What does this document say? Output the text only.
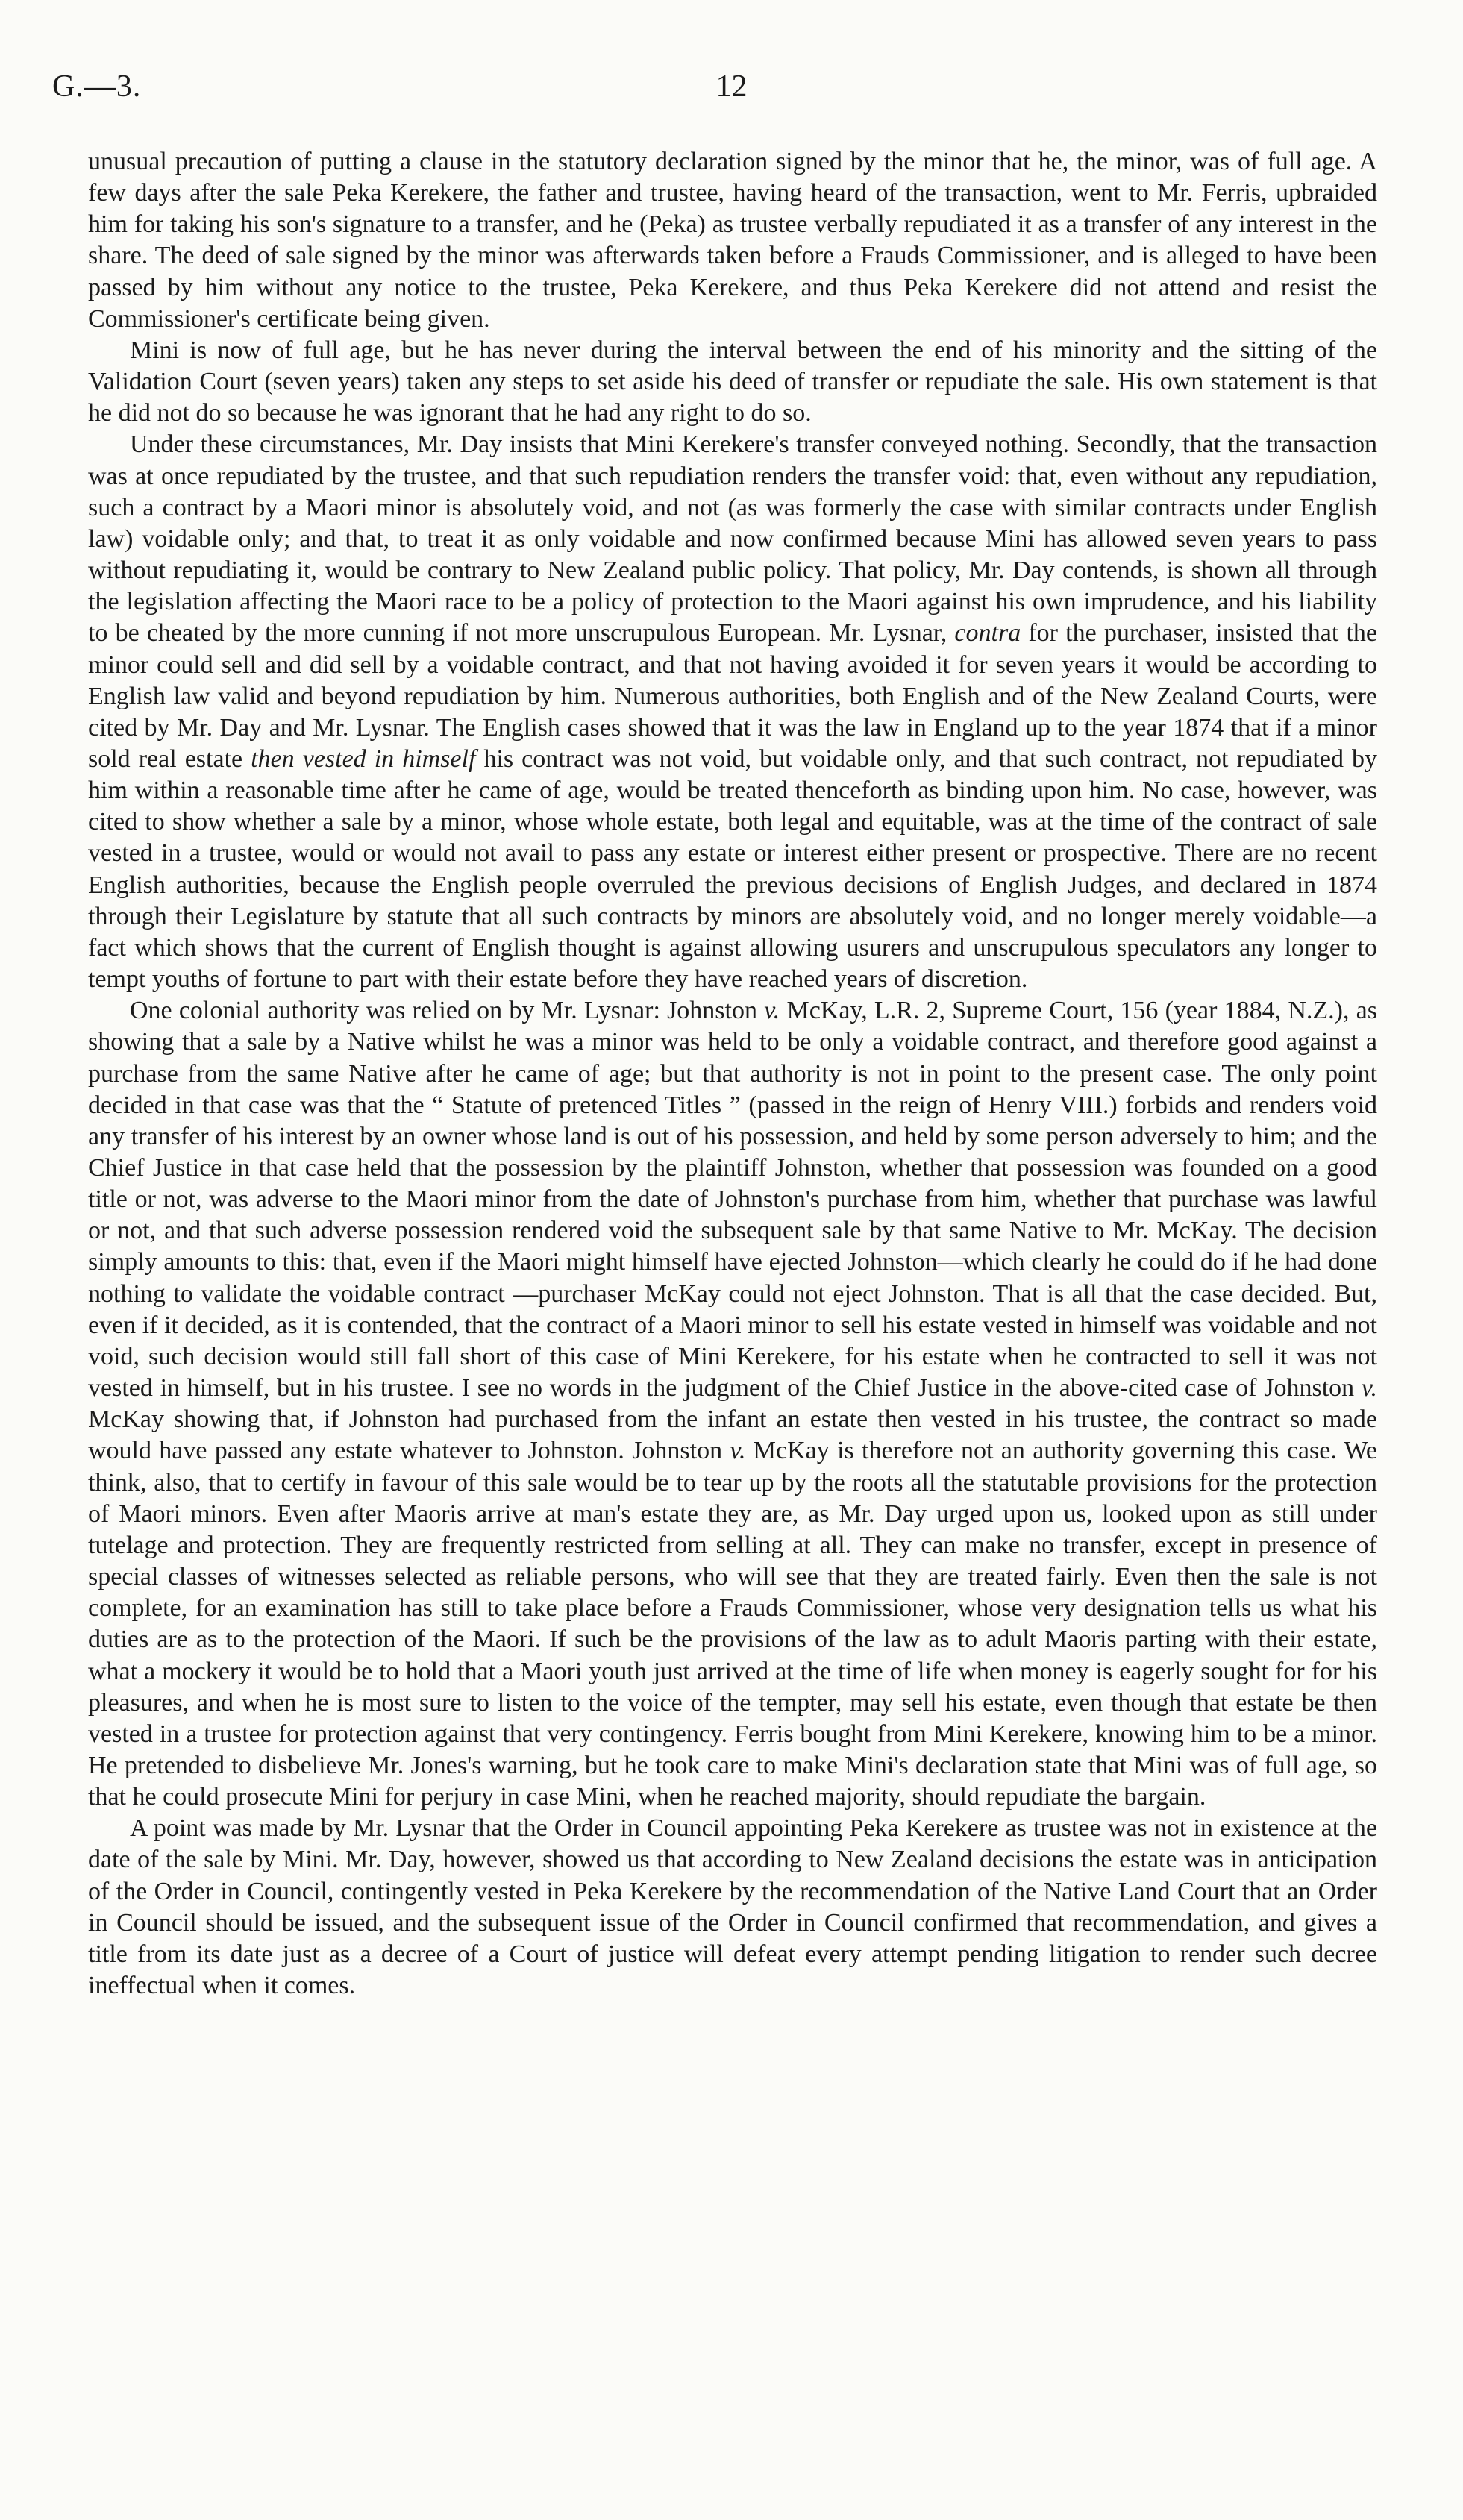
G.—3.	12

unusual precaution of putting a clause in the statutory declaration signed by the minor that he, the minor, was of full age. A few days after the sale Peka Kerekere, the father and trustee, having heard of the transaction, went to Mr. Ferris, upbraided him for taking his son's signature to a transfer, and he (Peka) as trustee verbally repudiated it as a transfer of any interest in the share. The deed of sale signed by the minor was afterwards taken before a Frauds Commissioner, and is alleged to have been passed by him without any notice to the trustee, Peka Kerekere, and thus Peka Kerekere did not attend and resist the Commissioner's certificate being given.

Mini is now of full age, but he has never during the interval between the end of his minority and the sitting of the Validation Court (seven years) taken any steps to set aside his deed of transfer or repudiate the sale. His own statement is that he did not do so because he was ignorant that he had any right to do so.

Under these circumstances, Mr. Day insists that Mini Kerekere's transfer conveyed nothing. Secondly, that the transaction was at once repudiated by the trustee, and that such repudiation renders the transfer void: that, even without any repudiation, such a contract by a Maori minor is absolutely void, and not (as was formerly the case with similar contracts under English law) voidable only; and that, to treat it as only voidable and now confirmed because Mini has allowed seven years to pass without repudiating it, would be contrary to New Zealand public policy. That policy, Mr. Day contends, is shown all through the legislation affecting the Maori race to be a policy of protection to the Maori against his own imprudence, and his liability to be cheated by the more cunning if not more unscrupulous European. Mr. Lysnar, contra for the purchaser, insisted that the minor could sell and did sell by a voidable contract, and that not having avoided it for seven years it would be according to English law valid and beyond repudiation by him. Numerous authorities, both English and of the New Zealand Courts, were cited by Mr. Day and Mr. Lysnar. The English cases showed that it was the law in England up to the year 1874 that if a minor sold real estate then vested in himself his contract was not void, but voidable only, and that such contract, not repudiated by him within a reasonable time after he came of age, would be treated thenceforth as binding upon him. No case, however, was cited to show whether a sale by a minor, whose whole estate, both legal and equitable, was at the time of the contract of sale vested in a trustee, would or would not avail to pass any estate or interest either present or prospective. There are no recent English authorities, because the English people overruled the previous decisions of English Judges, and declared in 1874 through their Legislature by statute that all such contracts by minors are absolutely void, and no longer merely voidable—a fact which shows that the current of English thought is against allowing usurers and unscrupulous speculators any longer to tempt youths of fortune to part with their estate before they have reached years of discretion.

One colonial authority was relied on by Mr. Lysnar: Johnston v. McKay, L.R. 2, Supreme Court, 156 (year 1884, N.Z.), as showing that a sale by a Native whilst he was a minor was held to be only a voidable contract, and therefore good against a purchase from the same Native after he came of age; but that authority is not in point to the present case. The only point decided in that case was that the “ Statute of pretenced Titles ” (passed in the reign of Henry VIII.) forbids and renders void any transfer of his interest by an owner whose land is out of his possession, and held by some person adversely to him; and the Chief Justice in that case held that the possession by the plaintiff Johnston, whether that possession was founded on a good title or not, was adverse to the Maori minor from the date of Johnston's purchase from him, whether that purchase was lawful or not, and that such adverse possession rendered void the subsequent sale by that same Native to Mr. McKay. The decision simply amounts to this: that, even if the Maori might himself have ejected Johnston—which clearly he could do if he had done nothing to validate the voidable contract —purchaser McKay could not eject Johnston. That is all that the case decided. But, even if it decided, as it is contended, that the contract of a Maori minor to sell his estate vested in himself was voidable and not void, such decision would still fall short of this case of Mini Kerekere, for his estate when he contracted to sell it was not vested in himself, but in his trustee. I see no words in the judgment of the Chief Justice in the above-cited case of Johnston v. McKay showing that, if Johnston had purchased from the infant an estate then vested in his trustee, the contract so made would have passed any estate whatever to Johnston. Johnston v. McKay is therefore not an authority governing this case. We think, also, that to certify in favour of this sale would be to tear up by the roots all the statutable provisions for the protection of Maori minors. Even after Maoris arrive at man's estate they are, as Mr. Day urged upon us, looked upon as still under tutelage and protection. They are frequently restricted from selling at all. They can make no transfer, except in presence of special classes of witnesses selected as reliable persons, who will see that they are treated fairly. Even then the sale is not complete, for an examination has still to take place before a Frauds Commissioner, whose very designation tells us what his duties are as to the protection of the Maori. If such be the provisions of the law as to adult Maoris parting with their estate, what a mockery it would be to hold that a Maori youth just arrived at the time of life when money is eagerly sought for for his pleasures, and when he is most sure to listen to the voice of the tempter, may sell his estate, even though that estate be then vested in a trustee for protection against that very contingency. Ferris bought from Mini Kerekere, knowing him to be a minor. He pretended to disbelieve Mr. Jones's warning, but he took care to make Mini's declaration state that Mini was of full age, so that he could prosecute Mini for perjury in case Mini, when he reached majority, should repudiate the bargain.

A point was made by Mr. Lysnar that the Order in Council appointing Peka Kerekere as trustee was not in existence at the date of the sale by Mini. Mr. Day, however, showed us that according to New Zealand decisions the estate was in anticipation of the Order in Council, contingently vested in Peka Kerekere by the recommendation of the Native Land Court that an Order in Council should be issued, and the subsequent issue of the Order in Council confirmed that recommendation, and gives a title from its date just as a decree of a Court of justice will defeat every attempt pending litigation to render such decree ineffectual when it comes.
